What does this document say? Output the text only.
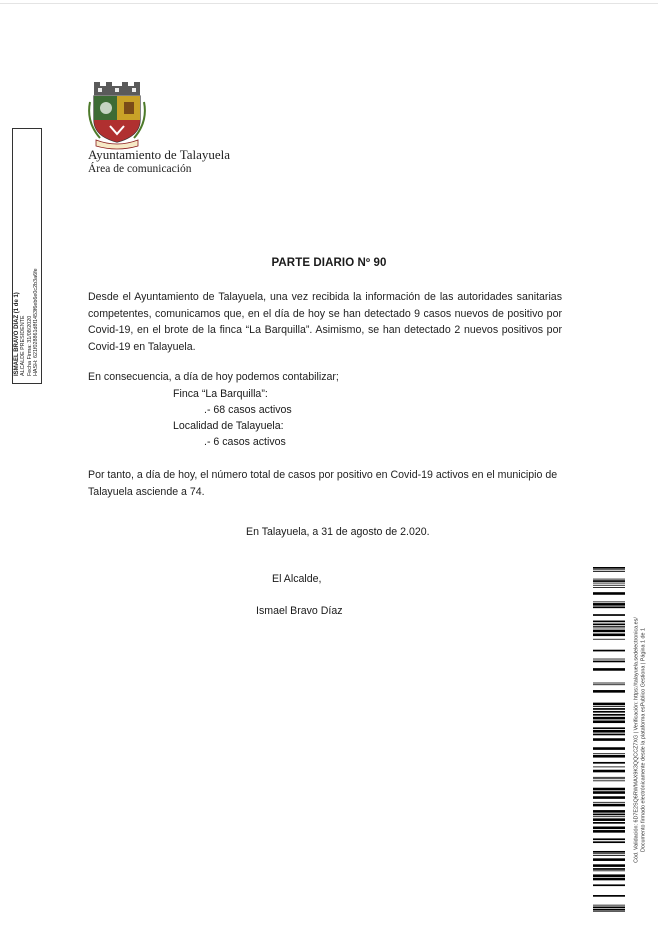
Ayuntamiento de Talayuela
Área de comunicación
ISMAEL BRAVO DÍAZ (1 de 1) ALCALDE PRESIDENTE Fecha Firma: 31/08/2020 HASH: 621f028861d8f1453f6eb6e0c2b3a6fe
PARTE DIARIO Nº 90
Desde el Ayuntamiento de Talayuela, una vez recibida la información de las autoridades sanitarias competentes, comunicamos que, en el día de hoy se han detectado 9 casos nuevos de positivo por Covid-19, en el brote de la finca “La Barquilla”. Asimismo, se han detectado 2 nuevos positivos por Covid-19 en Talayuela.
En consecuencia, a día de hoy podemos contabilizar;
Finca “La Barquilla”:
.- 68 casos activos
Localidad de Talayuela:
.- 6 casos activos
Por tanto, a día de hoy, el número total de casos por positivo en Covid-19 activos en el municipio de Talayuela asciende a 74.
En Talayuela, a 31 de agosto de 2.020.
El Alcalde,
Ismael Bravo Díaz
Cód. Validación: 6D7E2SQ6RWMAX9K3QQCCZ7XG | Verificación: https://talayuela.sedelectronica.es/ Documento firmado electrónicamente desde la plataforma esPublico Gestiona | Página 1 de 1
